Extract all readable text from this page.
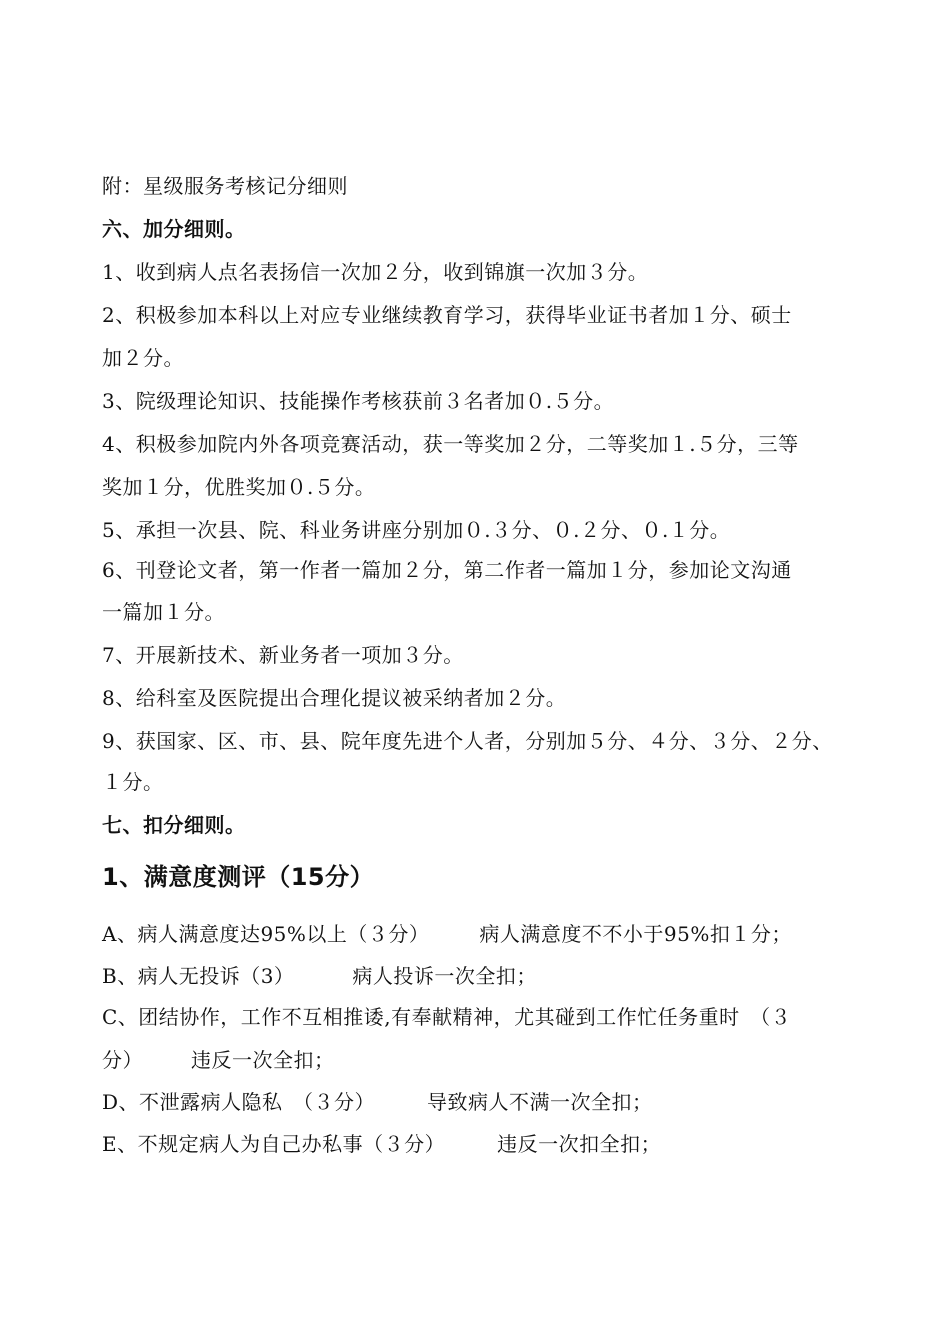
附：星级服务考核记分细则
六、加分细则。
1、收到病人点名表扬信一次加２分，收到锦旗一次加３分。
2、积极参加本科以上对应专业继续教育学习，获得毕业证书者加１分、硕士
加２分。
3、院级理论知识、技能操作考核获前３名者加０.５分。
4、积极参加院内外各项竞赛活动，获一等奖加２分，二等奖加１.５分，三等
奖加１分，优胜奖加０.５分。
5、承担一次县、院、科业务讲座分别加０.３分、０.２分、０.１分。
6、刊登论文者，第一作者一篇加２分，第二作者一篇加１分，参加论文沟通
一篇加１分。
7、开展新技术、新业务者一项加３分。
8、给科室及医院提出合理化提议被采纳者加２分。
9、获国家、区、市、县、院年度先进个人者，分别加５分、４分、３分、２分、
１分。
七、扣分细则。
1、满意度测评（15分）
A、病人满意度达95%以上（３分）	病人满意度不不小于95%扣１分；
B、病人无投诉（3）	病人投诉一次全扣；
C、团结协作，工作不互相推诿,有奉献精神，尤其碰到工作忙任务重时　（３
分） 违反一次全扣；
D、不泄露病人隐私　（３分）	导致病人不满一次全扣；
E、不规定病人为自己办私事（３分）	违反一次扣全扣；
